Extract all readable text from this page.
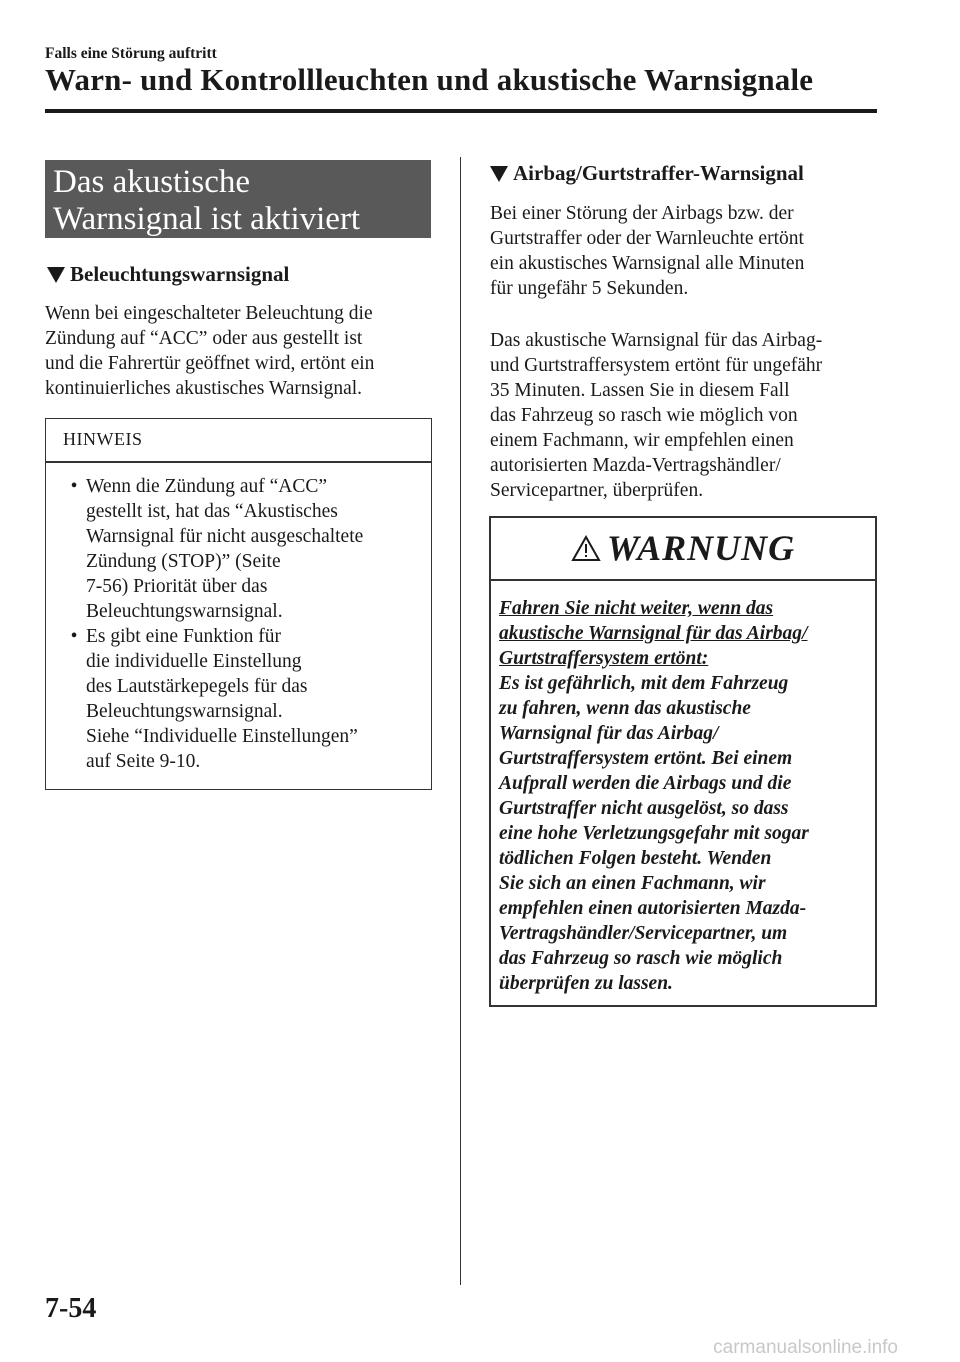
Falls eine Störung auftritt
Warn- und Kontrollleuchten und akustische Warnsignale
Das akustische
Warnsignal ist aktiviert
Beleuchtungswarnsignal

Wenn bei eingeschalteter Beleuchtung die
Zündung auf “ACC” oder aus gestellt ist
und die Fahrertür geöffnet wird, ertönt ein
kontinuierliches akustisches Warnsignal.

HINWEIS
• Wenn die Zündung auf “ACC”
gestellt ist, hat das “Akustisches
Warnsignal für nicht ausgeschaltete
Zündung (STOP)” (Seite
7-56) Priorität über das
Beleuchtungswarnsignal.
• Es gibt eine Funktion für
die individuelle Einstellung
des Lautstärkepegels für das
Beleuchtungswarnsignal.
Siehe “Individuelle Einstellungen”
auf Seite 9-10.
Airbag/Gurtstraffer-Warnsignal

Bei einer Störung der Airbags bzw. der
Gurtstraffer oder der Warnleuchte ertönt
ein akustisches Warnsignal alle Minuten
für ungefähr 5 Sekunden.

Das akustische Warnsignal für das Airbag-
und Gurtstraffersystem ertönt für ungefähr
35 Minuten. Lassen Sie in diesem Fall
das Fahrzeug so rasch wie möglich von
einem Fachmann, wir empfehlen einen
autorisierten Mazda-Vertragshändler/
Servicepartner, überprüfen.

WARNUNG
Fahren Sie nicht weiter, wenn das
akustische Warnsignal für das Airbag/
Gurtstraffersystem ertönt:
Es ist gefährlich, mit dem Fahrzeug
zu fahren, wenn das akustische
Warnsignal für das Airbag/
Gurtstraffersystem ertönt. Bei einem
Aufprall werden die Airbags und die
Gurtstraffer nicht ausgelöst, so dass
eine hohe Verletzungsgefahr mit sogar
tödlichen Folgen besteht. Wenden
Sie sich an einen Fachmann, wir
empfehlen einen autorisierten Mazda-
Vertragshändler/Servicepartner, um
das Fahrzeug so rasch wie möglich
überprüfen zu lassen.
7-54
carmanualsonline.info
